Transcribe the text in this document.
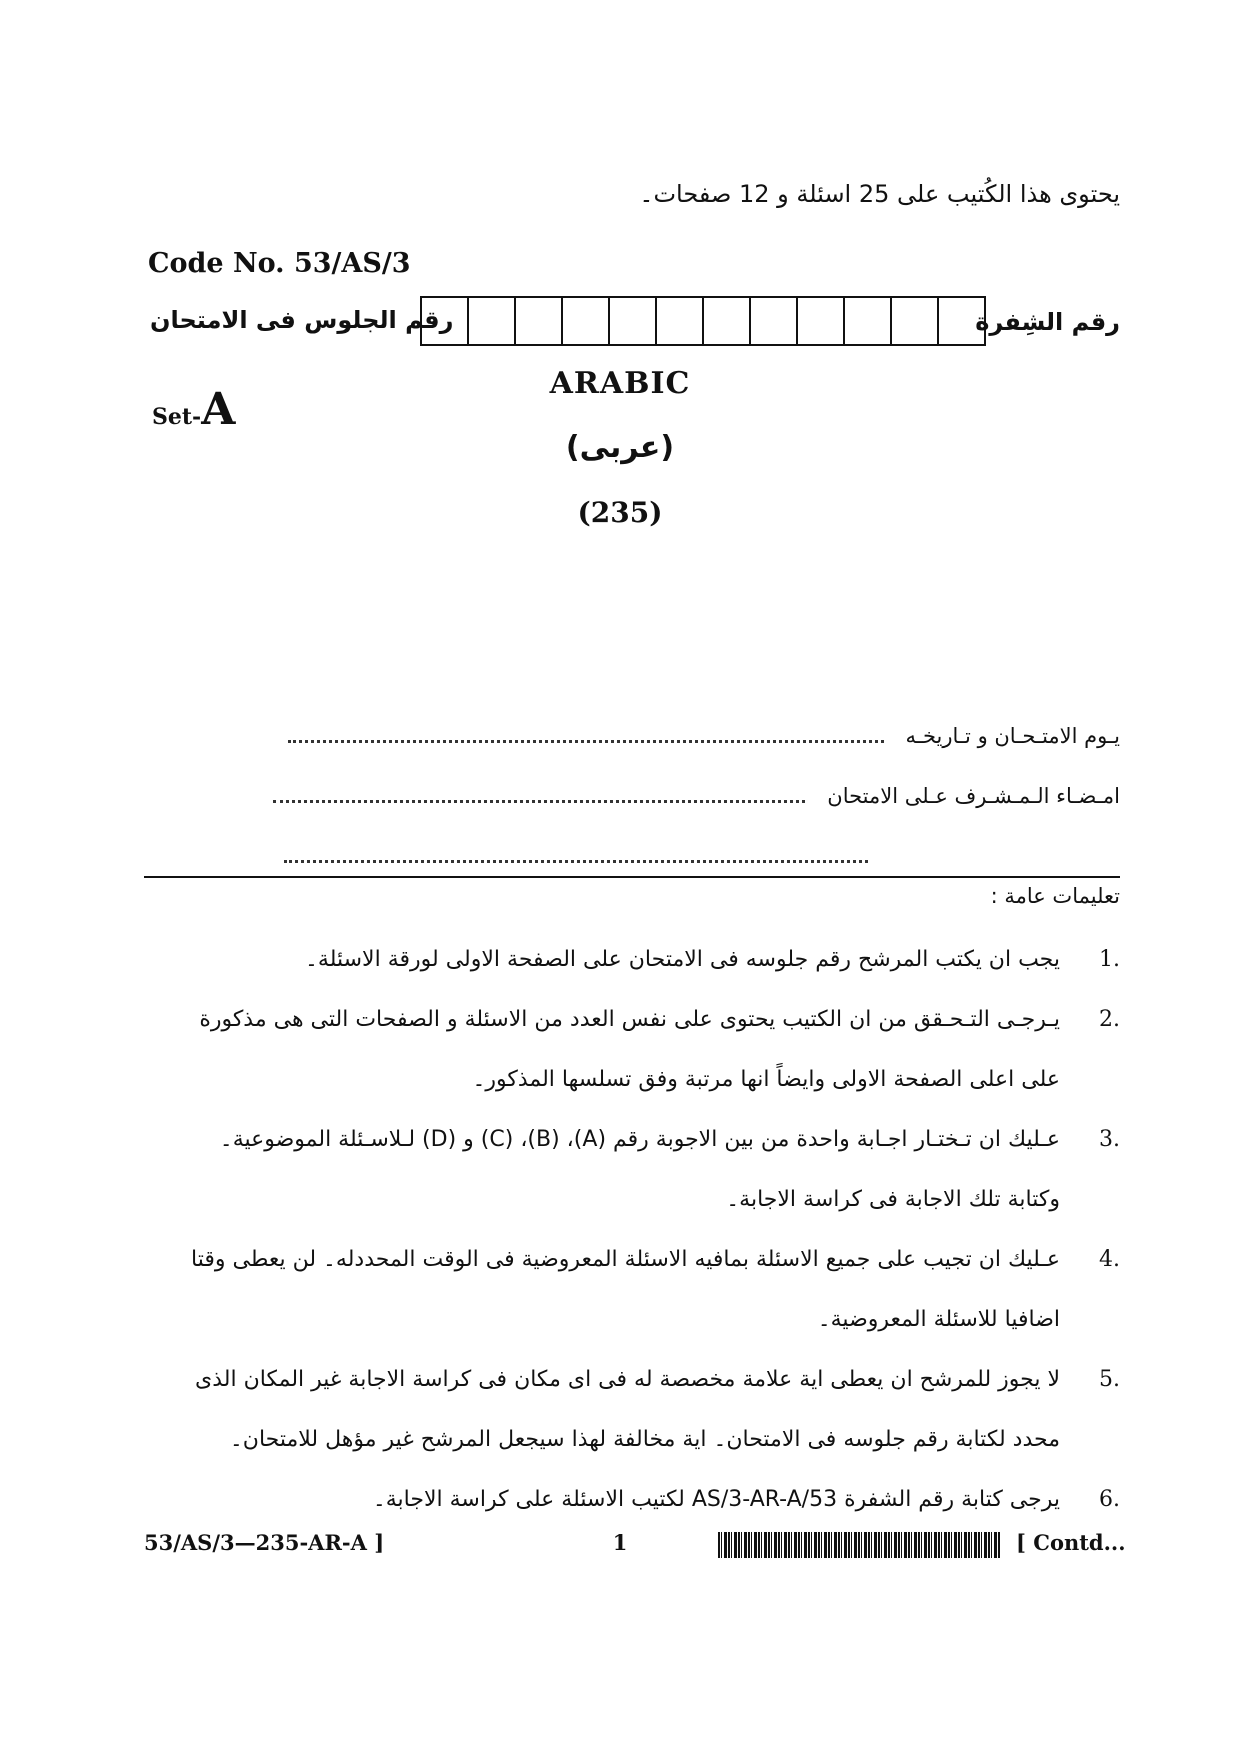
يحتوى هذا الكُتيب على 25 اسئلة و 12 صفحات۔
Code No. 53/AS/3
رقم الجلوس فى الامتحان	رقم الشِفرة
Set-A
ARABIC
(عربى)
(235)
يـوم الامتـحـان و تـاريخـه
امـضـاء الـمـشـرف عـلى الامتحان
تعليمات عامة :
1.
يجب ان يكتب المرشح رقم جلوسه فى الامتحان على الصفحة الاولى لورقة الاسئلة۔
2.
يـرجـى التـحـقق من ان الكتيب يحتوى على نفس العدد من الاسئلة و الصفحات التى هى مذكورة على اعلى الصفحة الاولى وايضاً انها مرتبة وفق تسلسها المذكور۔
3.
عـليك ان تـختـار اجـابة واحدة من بين الاجوبة رقم (A)، (B)، (C) و (D) لـلاسـئلة الموضوعية۔ وكتابة تلك الاجابة فى كراسة الاجابة۔
4.
عـليك ان تجيب على جميع الاسئلة بمافيه الاسئلة المعروضية فى الوقت المحددله۔ لن يعطى وقتا اضافيا للاسئلة المعروضية۔
5.
لا يجوز للمرشح ان يعطى اية علامة مخصصة له فى اى مكان فى كراسة الاجابة غير المكان الذى محدد لكتابة رقم جلوسه فى الامتحان۔ اية مخالفة لهذا سيجعل المرشح غير مؤهل للامتحان۔
6.
يرجى كتابة رقم الشفرة 53/AS/3-AR-A لكتيب الاسئلة على كراسة الاجابة۔
53/AS/3—235-AR-A ]	1	[ Contd...
